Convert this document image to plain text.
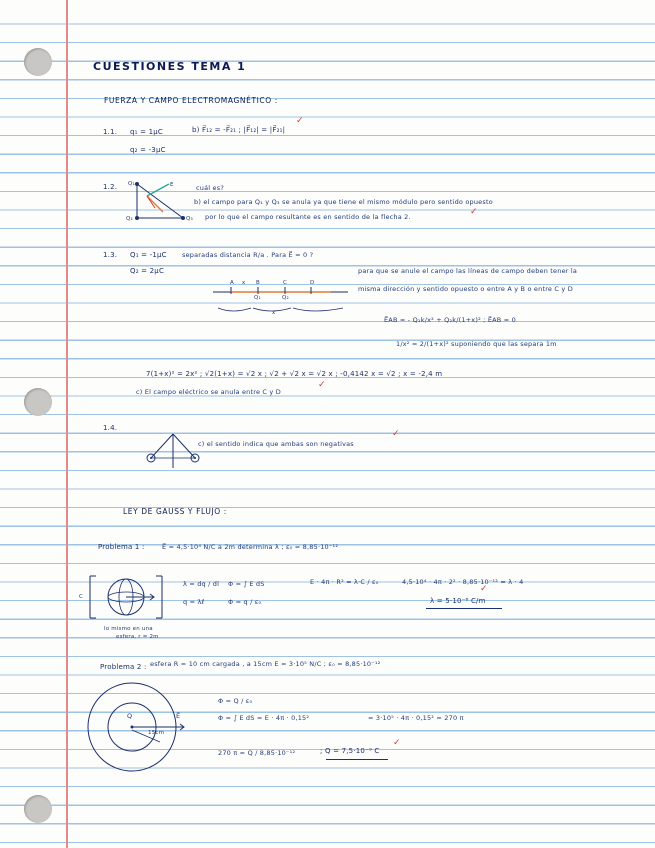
CUESTIONES TEMA 1
FUERZA Y CAMPO ELECTROMAGNÉTICO :
1.1. q₁ = 1μC
q₂ = -3μC
b) F⃗₁₂ = -F⃗₂₁ ; |F⃗₁₂| = |F⃗₂₁|
✓
1.2. Q₁
Q₂	Q₃
E	cuál es?
b) el campo para Q₁ y Q₃ se anula ya que tiene el mismo módulo pero sentido opuesto
por lo que el campo resultante es en sentido de la flecha 2.	✓
1.3. Q₁ = -1μC
Q₂ = 2μC
separadas distancia R/a . Para E⃗ = 0 ?
para que se anule el campo las líneas de campo deben tener la
misma dirección y sentido opuesto o entre A y B o entre C y D
A x B	C	D
Q₁	Q₂
x
E⃗AB = - Q₁k/x² + Q₂k/(1+x)² ; E⃗AB = 0
1/x² = 2/(1+x)² suponiendo que las separa 1m
7(1+x)² = 2x² ; √2(1+x) = √2 x ; √2 + √2 x = √2 x ; -0,4142 x = √2 ; x = -2,4 m
c) El campo eléctrico se anula entre C y D
✓
1.4.
c) el sentido indica que ambas son negativas
✓
LEY DE GAUSS Y FLUJO :
Problema 1 :	E⃗ = 4,5·10⁴ N/C a 2m determina λ ; ε₀ = 8,85·10⁻¹²
C
lo mismo en una
esfera, r = 2m
λ = dq / dl
q = λℓ
Φ = ∫ E dS
Φ = q / ε₀
E · 4π · R² = λ·C / ε₀	4,5·10⁴ · 4π · 2² · 8,85·10⁻¹² = λ · 4
λ = 5·10⁻⁶ C/m
✓
Problema 2 : esfera R = 10 cm cargada , a 15cm E = 3·10⁵ N/C ; ε₀ = 8,85·10⁻¹²
Q	E⃗
15cm
Φ = Q / ε₀
Φ = ∫ E dS = E · 4π · 0,15²	= 3·10⁵ · 4π · 0,15² = 270 π
270 π = Q / 8,85·10⁻¹²	; Q = 7,5·10⁻⁹ C
✓
